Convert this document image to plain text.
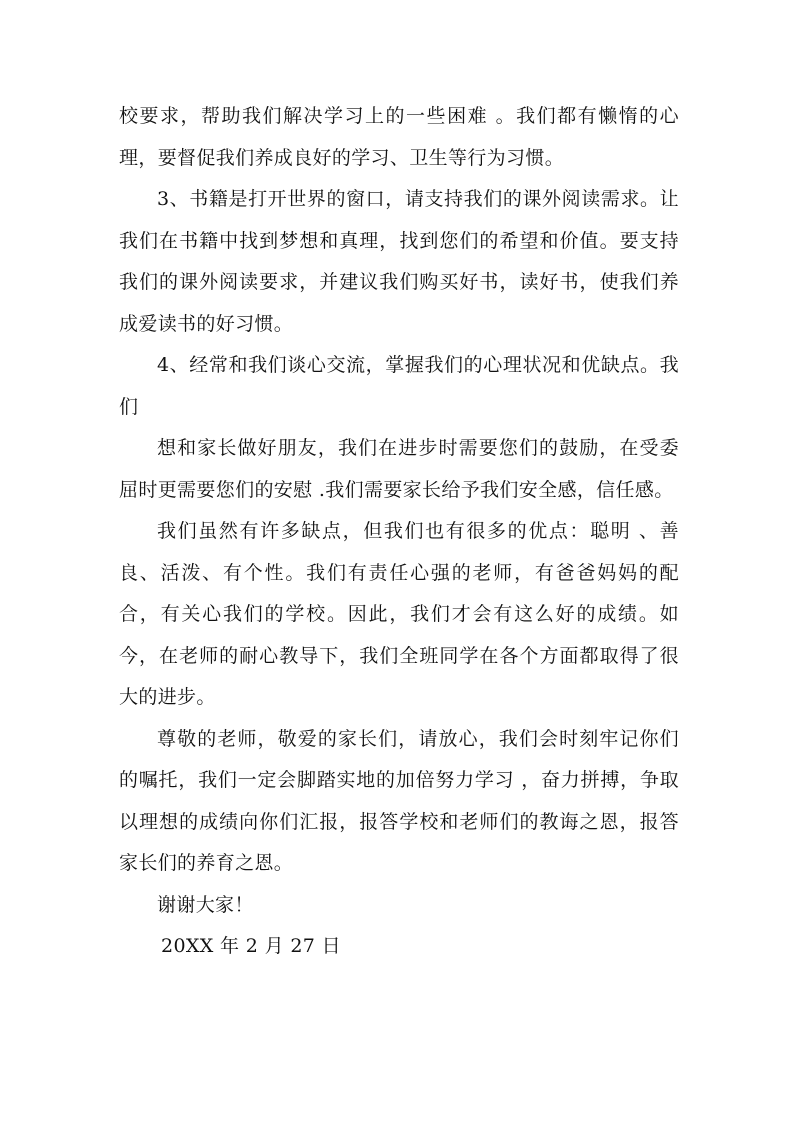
校要求，帮助我们解决学习上的一些困难 。我们都有懒惰的心理，要督促我们养成良好的学习、卫生等行为习惯。

3、书籍是打开世界的窗口，请支持我们的课外阅读需求。让我们在书籍中找到梦想和真理，找到您们的希望和价值。要支持我们的课外阅读要求，并建议我们购买好书，读好书，使我们养成爱读书的好习惯。

4、经常和我们谈心交流，掌握我们的心理状况和优缺点。我们

想和家长做好朋友，我们在进步时需要您们的鼓励，在受委屈时更需要您们的安慰 .我们需要家长给予我们安全感，信任感。

我们虽然有许多缺点，但我们也有很多的优点：聪明 、善良、活泼、有个性。我们有责任心强的老师，有爸爸妈妈的配合，有关心我们的学校。因此，我们才会有这么好的成绩。如今，在老师的耐心教导下，我们全班同学在各个方面都取得了很大的进步。

尊敬的老师，敬爱的家长们，请放心，我们会时刻牢记你们的嘱托，我们一定会脚踏实地的加倍努力学习 ，奋力拼搏，争取以理想的成绩向你们汇报，报答学校和老师们的教诲之恩，报答家长们的养育之恩。

谢谢大家！

20XX 年 2 月 27 日
